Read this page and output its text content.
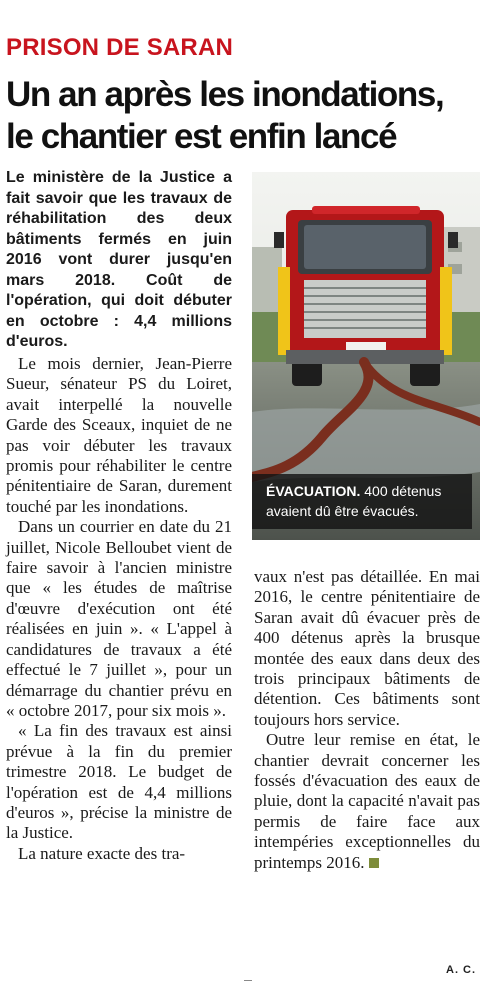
PRISON DE SARAN
Un an après les inondations,
le chantier est enfin lancé

Le ministère de la Justice a fait savoir que les travaux de réhabilitation des deux bâtiments fermés en juin 2016 vont durer jusqu'en mars 2018. Coût de l'opération, qui doit débuter en octobre : 4,4 millions d'euros.

Le mois dernier, Jean-Pierre Sueur, sénateur PS du Loiret, avait interpellé la nouvelle Garde des Sceaux, inquiet de ne pas voir débuter les travaux promis pour réhabiliter le centre pénitentiaire de Saran, durement touché par les inondations.

Dans un courrier en date du 21 juillet, Nicole Belloubet vient de faire savoir à l'ancien ministre que « les études de maîtrise d'œuvre d'exécution ont été réalisées en juin ». « L'appel à candidatures de travaux a été effectué le 7 juillet », pour un démarrage du chantier prévu en « octobre 2017, pour six mois ».

« La fin des travaux est ainsi prévue à la fin du premier trimestre 2018. Le budget de l'opération est de 4,4 millions d'euros », précise la ministre de la Justice.

La nature exacte des tra-

ÉVACUATION. 400 détenus avaient dû être évacués.

vaux n'est pas détaillée. En mai 2016, le centre pénitentiaire de Saran avait dû évacuer près de 400 détenus après la brusque montée des eaux dans deux des trois principaux bâtiments de détention. Ces bâtiments sont toujours hors service.

Outre leur remise en état, le chantier devrait concerner les fossés d'évacuation des eaux de pluie, dont la capacité n'avait pas permis de faire face aux intempéries exceptionnelles du printemps 2016.

A. C.
